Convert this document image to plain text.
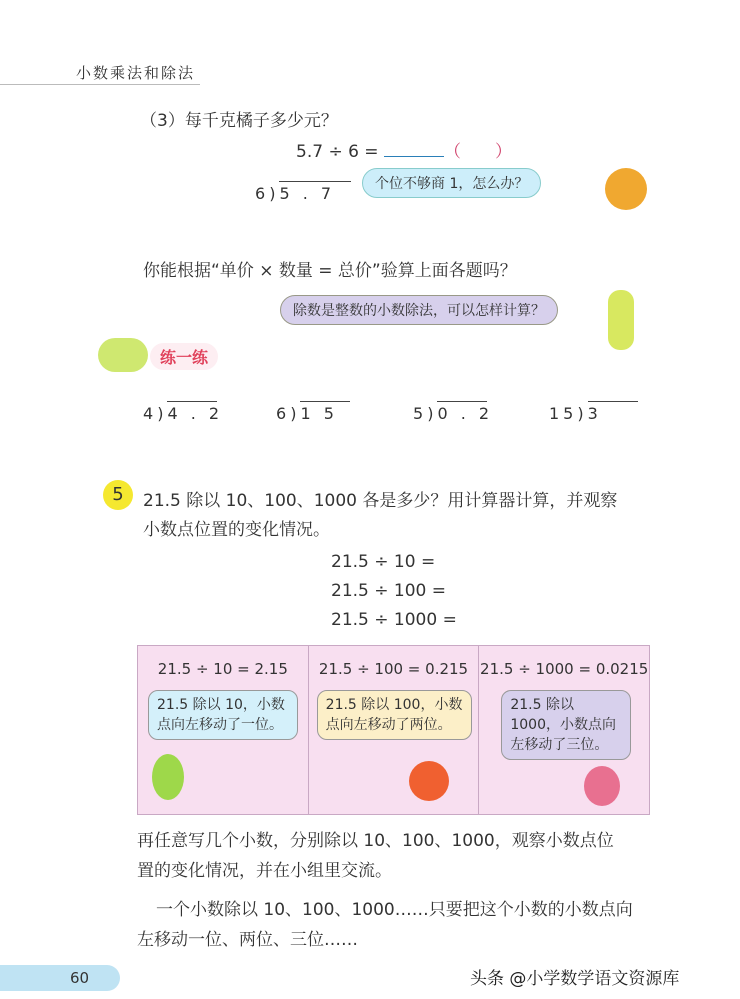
小数乘法和除法
（3）每千克橘子多少元？
5.7 ÷ 6 =	（　　）
6)5 . 7	个位不够商 1，怎么办？
你能根据“单价 × 数量 = 总价”验算上面各题吗？
除数是整数的小数除法，可以怎样计算？
练一练
4)4 . 2	6)1 5	5)0 . 2	15)3
5	21.5 除以 10、100、1000 各是多少？用计算器计算，并观察
小数点位置的变化情况。
21.5 ÷ 10 =
21.5 ÷ 100 =
21.5 ÷ 1000 =
21.5 ÷ 10 = 2.15
21.5 除以 10，小数点向左移动了一位。
21.5 ÷ 100 = 0.215
21.5 除以 100，小数点向左移动了两位。
21.5 ÷ 1000 = 0.0215
21.5 除以 1000，小数点向左移动了三位。
再任意写几个小数，分别除以 10、100、1000，观察小数点位
置的变化情况，并在小组里交流。
一个小数除以 10、100、1000……只要把这个小数的小数点向
左移动一位、两位、三位……
60	头条 @小学数学语文资源库
